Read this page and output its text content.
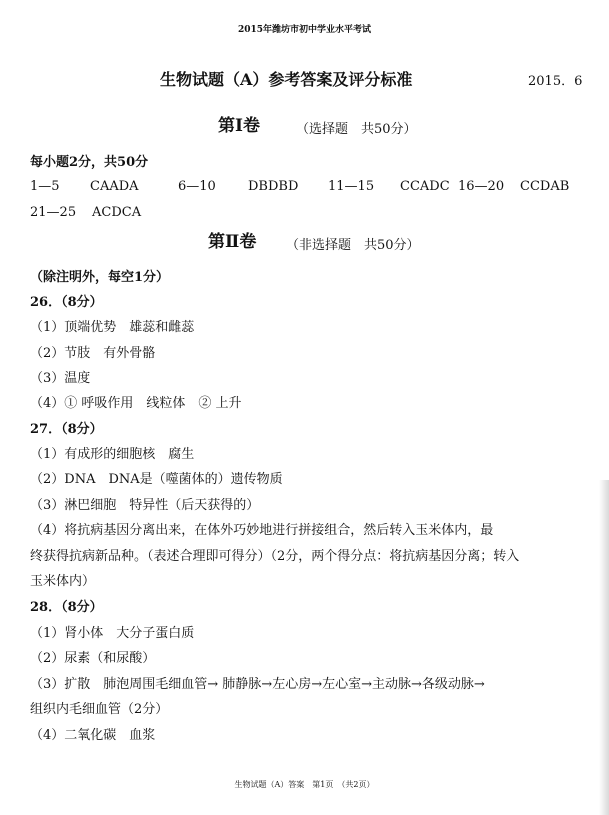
2015年潍坊市初中学业水平考试
生物试题（A）参考答案及评分标准	2015．6
第Ⅰ卷	（选择题　共50分）
每小题2分，共50分
1—5 CAADA	6—10 DBDBD 11—15 CCADC 16—20 CCDAB
21—25 ACDCA
第Ⅱ卷 （非选择题　共50分）
（除注明外，每空1分）
26．（8分）
（1）顶端优势　雄蕊和雌蕊
（2）节肢　有外骨骼
（3）温度
（4）① 呼吸作用　线粒体　② 上升
27．（8分）
（1）有成形的细胞核　腐生
（2）DNA　DNA是（噬菌体的）遗传物质
（3）淋巴细胞　特异性（后天获得的）
（4）将抗病基因分离出来，在体外巧妙地进行拼接组合，然后转入玉米体内，最
终获得抗病新品种。（表述合理即可得分）（2分，两个得分点：将抗病基因分离；转入
玉米体内）
28．（8分）
（1）肾小体　大分子蛋白质
（2）尿素（和尿酸）
（3）扩散　肺泡周围毛细血管→ 肺静脉→左心房→左心室→主动脉→各级动脉→
组织内毛细血管（2分）
（4）二氧化碳　血浆
生物试题（A）答案　第1页　（共2页）
